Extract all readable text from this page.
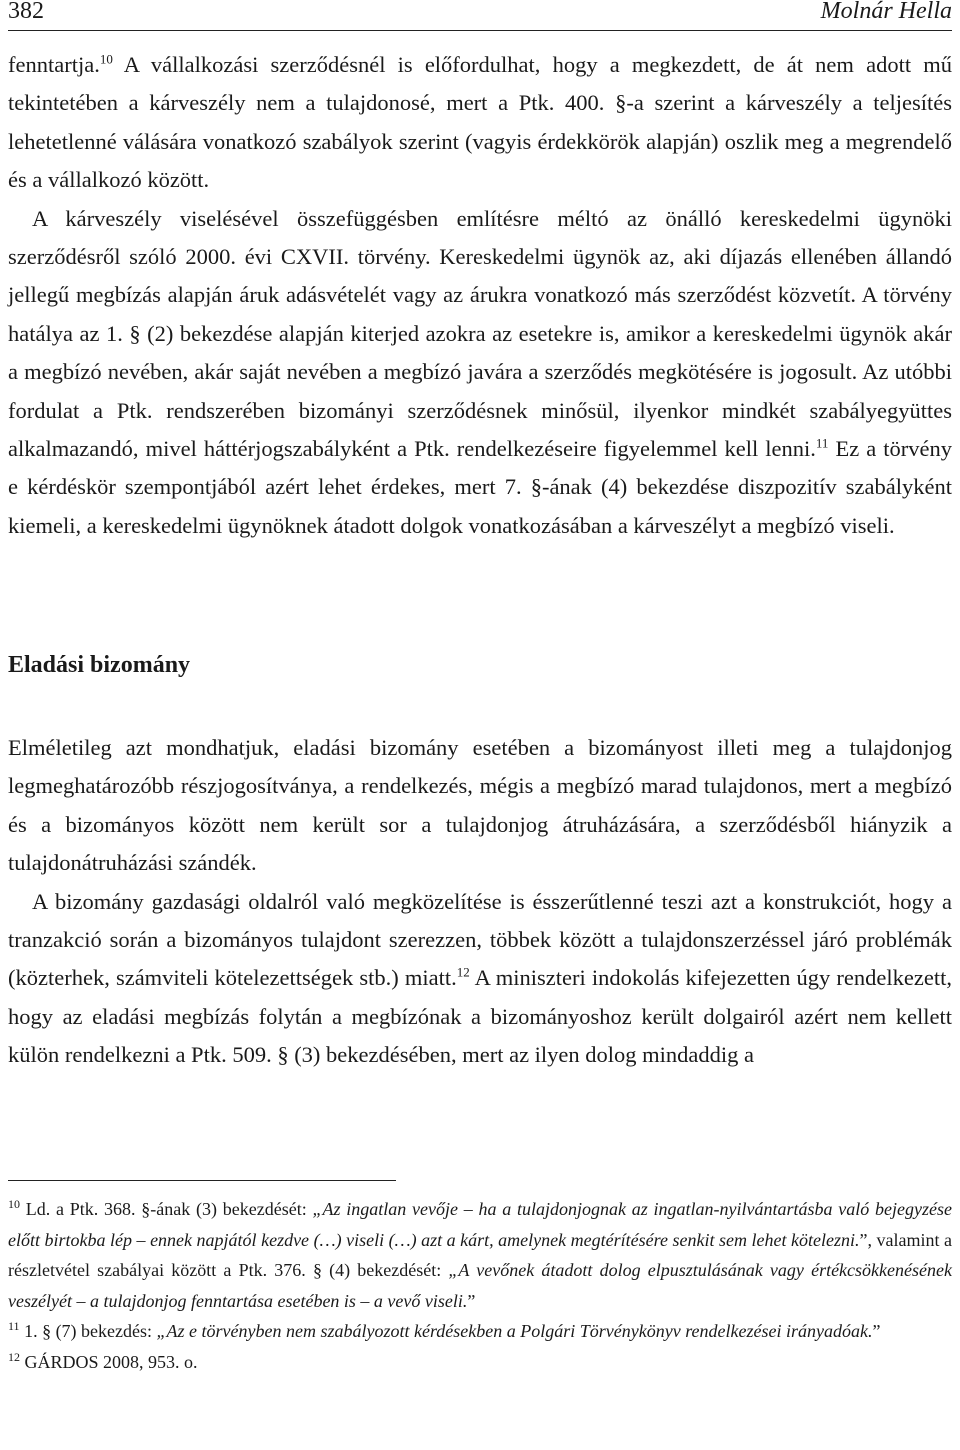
382	Molnár Hella

fenntartja.$^{10}$ A vállalkozási szerződésnél is előfordulhat, hogy a megkezdett, de át nem adott mű tekintetében a kárveszély nem a tulajdonosé, mert a Ptk. 400. §-a szerint a kárveszély a teljesítés lehetetlenné válására vonatkozó szabályok szerint (vagyis érdekkörök alapján) oszlik meg a megrendelő és a vállalkozó között.

A kárveszély viselésével összefüggésben említésre méltó az önálló kereskedelmi ügynöki szerződésről szóló 2000. évi CXVII. törvény. Kereskedelmi ügynök az, aki díjazás ellenében állandó jellegű megbízás alapján áruk adásvételét vagy az árukra vonatkozó más szerződést közvetít. A törvény hatálya az 1. § (2) bekezdése alapján kiterjed azokra az esetekre is, amikor a kereskedelmi ügynök akár a megbízó nevében, akár saját nevében a megbízó javára a szerződés megkötésére is jogosult. Az utóbbi fordulat a Ptk. rendszerében bizományi szerződésnek minősül, ilyenkor mindkét szabályegyüttes alkalmazandó, mivel háttérjogszabályként a Ptk. rendelkezéseire figyelemmel kell lenni.$^{11}$ Ez a törvény e kérdéskör szempontjából azért lehet érdekes, mert 7. §-ának (4) bekezdése diszpozitív szabályként kiemeli, a kereskedelmi ügynöknek átadott dolgok vonatkozásában a kárveszélyt a megbízó viseli.

Eladási bizomány

Elméletileg azt mondhatjuk, eladási bizomány esetében a bizományost illeti meg a tulajdonjog legmeghatározóbb részjogosítványa, a rendelkezés, mégis a megbízó marad tulajdonos, mert a megbízó és a bizományos között nem került sor a tulajdonjog átruházására, a szerződésből hiányzik a tulajdonátruházási szándék.

A bizomány gazdasági oldalról való megközelítése is ésszerűtlenné teszi azt a konstrukciót, hogy a tranzakció során a bizományos tulajdont szerezzen, többek között a tulajdonszerzéssel járó problémák (közterhek, számviteli kötelezettségek stb.) miatt.$^{12}$ A miniszteri indokolás kifejezetten úgy rendelkezett, hogy az eladási megbízás folytán a megbízónak a bizományoshoz került dolgairól azért nem kellett külön rendelkezni a Ptk. 509. § (3) bekezdésében, mert az ilyen dolog mindaddig a

$^{10}$ Ld. a Ptk. 368. §-ának (3) bekezdését: „Az ingatlan vevője – ha a tulajdonjognak az ingatlan-nyilvántartásba való bejegyzése előtt birtokba lép – ennek napjától kezdve (…) viseli (…) azt a kárt, amelynek megtérítésére senkit sem lehet kötelezni.”, valamint a részletvétel szabályai között a Ptk. 376. § (4) bekezdését: „A vevőnek átadott dolog elpusztulásának vagy értékcsökkenésének veszélyét – a tulajdonjog fenntartása esetében is – a vevő viseli.”

$^{11}$ 1. § (7) bekezdés: „Az e törvényben nem szabályozott kérdésekben a Polgári Törvénykönyv rendelkezései irányadóak.”

$^{12}$ GÁRDOS 2008, 953. o.
